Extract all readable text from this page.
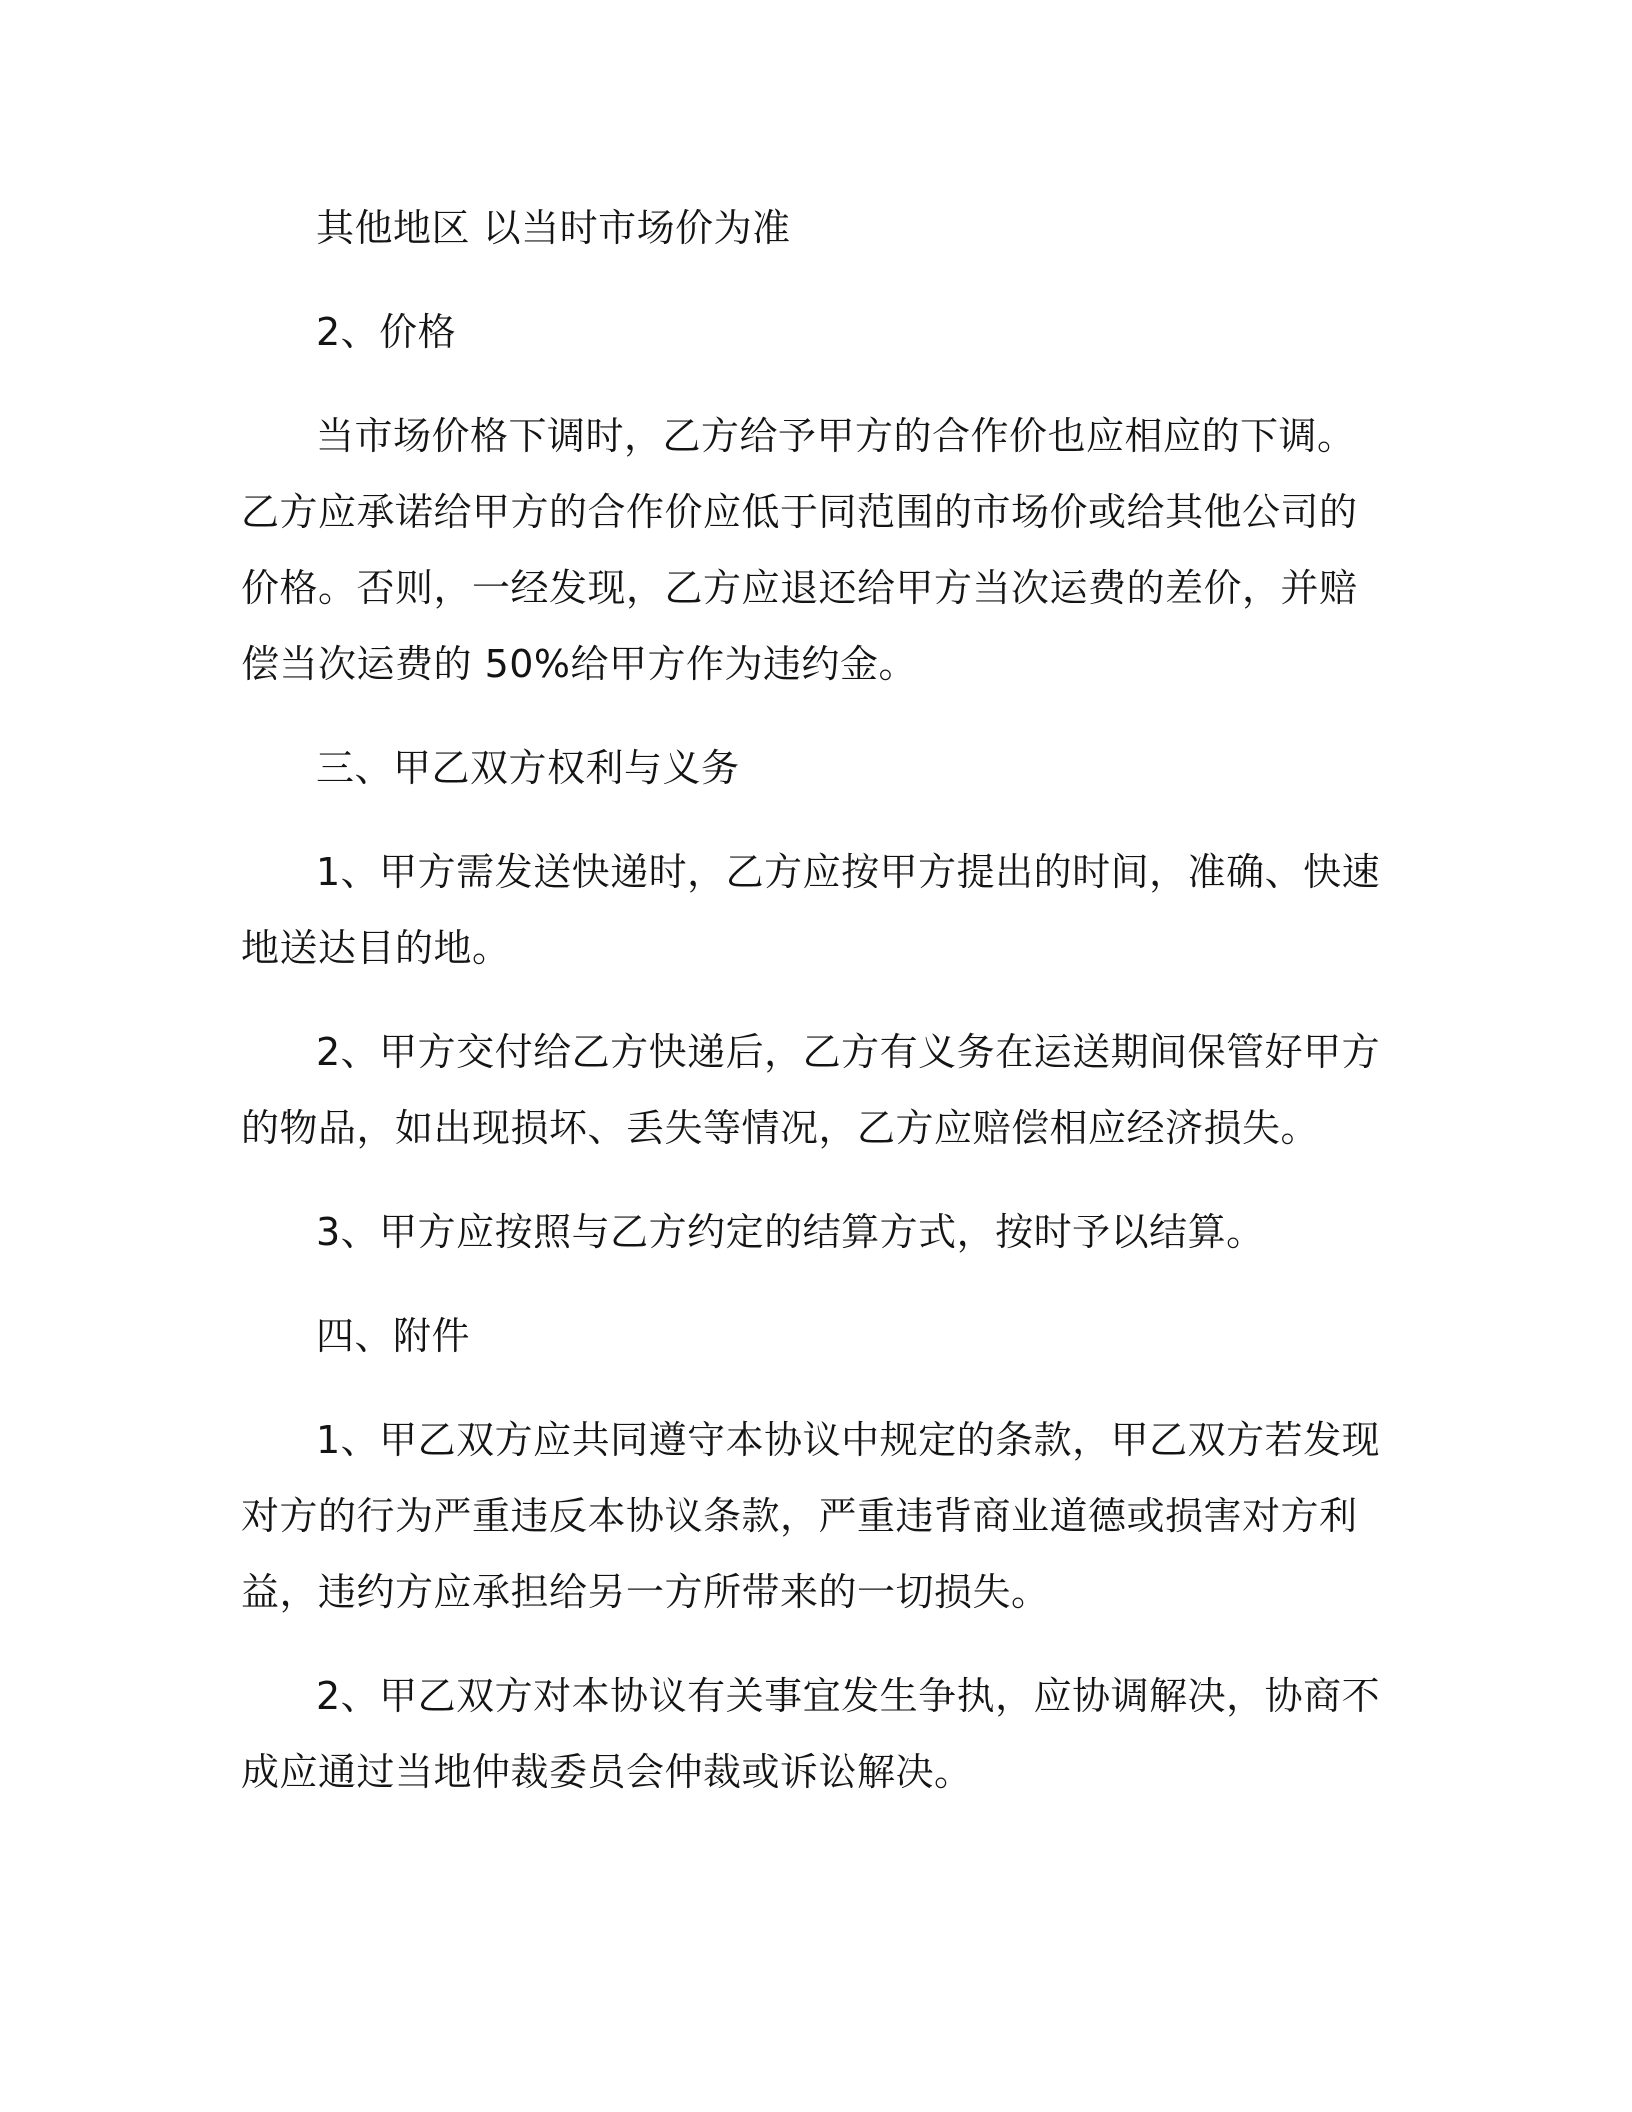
其他地区 以当时市场价为准

2、价格

当市场价格下调时，乙方给予甲方的合作价也应相应的下调。乙方应承诺给甲方的合作价应低于同范围的市场价或给其他公司的价格。否则，一经发现，乙方应退还给甲方当次运费的差价，并赔偿当次运费的 50%给甲方作为违约金。

三、甲乙双方权利与义务

1、甲方需发送快递时，乙方应按甲方提出的时间，准确、快速地送达目的地。

2、甲方交付给乙方快递后，乙方有义务在运送期间保管好甲方的物品，如出现损坏、丢失等情况，乙方应赔偿相应经济损失。

3、甲方应按照与乙方约定的结算方式，按时予以结算。

四、附件

1、甲乙双方应共同遵守本协议中规定的条款，甲乙双方若发现对方的行为严重违反本协议条款，严重违背商业道德或损害对方利益，违约方应承担给另一方所带来的一切损失。

2、甲乙双方对本协议有关事宜发生争执，应协调解决，协商不成应通过当地仲裁委员会仲裁或诉讼解决。
